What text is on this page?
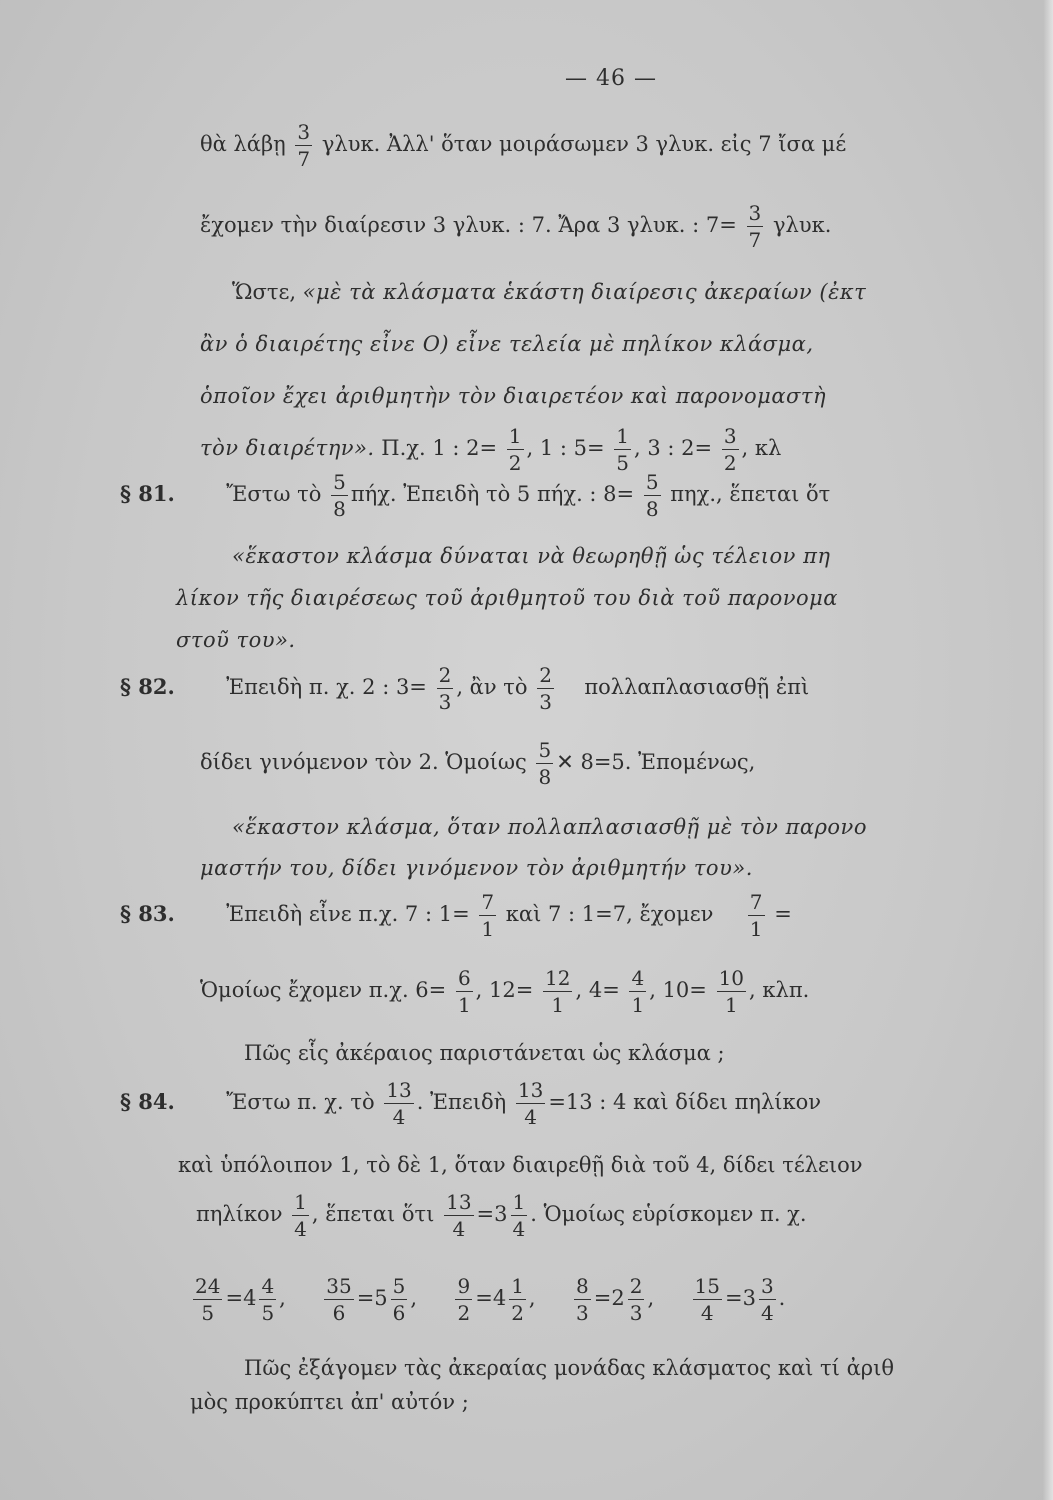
— 46 —
θὰ λάβῃ $\frac{3}{7} \gamma\lambda\upsilon\kappa$. Ἀλλ' ὅταν μοιράσωμεν 3 γλυκ. εἰς 7 ἴσα μέ
ἔχομεν τὴν διαίρεσιν 3 γλυκ. : 7. Ἄρα 3 γλυκ. : $7= \frac{3}{7} \gamma\lambda\upsilon\kappa$.
Ὥστε, «μὲ τὰ κλάσματα ἑκάστη διαίρεσις ἀκεραίων (ἐκτ
ἂν ὁ διαιρέτης εἶνε Ο) εἶνε τελεία μὲ πηλίκον κλάσμα,
ὁποῖον ἔχει ἀριθμητὴν τὸν διαιρετέον καὶ παρονομαστὴ
τὸν διαιρέτην». Π.χ. 1 : $2= \frac{1}{2}$ , 1 : $5= \frac{1}{5}$ , 3 : $2= \frac{3}{2}$ , κλ
§ 81. Ἔστω τὸ $\frac{5}{8} \pi ή\chi$. Ἐπειδὴ τὸ 5 πήχ. : $8= \frac{5}{8} \pi\eta\chi$., ἕπεται ὅτ
«ἕκαστον κλάσμα δύναται νὰ θεωρηθῇ ὡς τέλειον πη
λίκον τῆς διαιρέσεως τοῦ ἀριθμητοῦ του διὰ τοῦ παρονομα
στοῦ του».
§ 82. Ἐπειδὴ π. χ. 2 : $3= \frac{2}{3}$ , ἂν τὸ $\frac{2}{3}$ πολλαπλασιασθῇ ἐπὶ
δίδει γινόμενον τὸν 2. Ὁμοίως $\frac{5}{8}$ ✕ 8=5. Ἐπομένως,
«ἕκαστον κλάσμα, ὅταν πολλαπλασιασθῇ μὲ τὸν παρονο
μαστήν του, δίδει γινόμενον τὸν ἀριθμητήν του».
§ 83. Ἐπειδὴ εἶνε π.χ. 7 : $1= \frac{7}{1}$ καὶ 7 : 1=7, ἔχομεν $\frac{7}{1}$ =
Ὁμοίως ἔχομεν π.χ. $6= \frac{6}{1}$ , $12= \frac{12}{1}$ , $4= \frac{4}{1}$ , $10= \frac{10}{1}$ , κλπ.
Πῶς εἷς ἀκέραιος παριστάνεται ὡς κλάσμα ;
§ 84. Ἔστω π. χ. τὸ $\frac{13}{4}$ . Ἐπειδὴ $\frac{13}{4} =13$ : 4 καὶ δίδει πηλίκον
καὶ ὑπόλοιπον 1, τὸ δὲ 1, ὅταν διαιρεθῇ διὰ τοῦ 4, δίδει τέλειον
πηλίκον $\frac{1}{4}$ , ἕπεται ὅτι $\frac{13}{4} =3 \frac{1}{4}$ . Ὁμοίως εὑρίσκομεν π. χ.
$\frac{24}{5} =4 \frac{4}{5}$ , $\frac{35}{6} =5 \frac{5}{6}$ , $\frac{9}{2} =4 \frac{1}{2}$ , $\frac{8}{3} =2 \frac{2}{3}$ , $\frac{15}{4} =3 \frac{3}{4}$ .
Πῶς ἐξάγομεν τὰς ἀκεραίας μονάδας κλάσματος καὶ τί ἀριθ
μὸς προκύπτει ἀπ' αὐτόν ;
